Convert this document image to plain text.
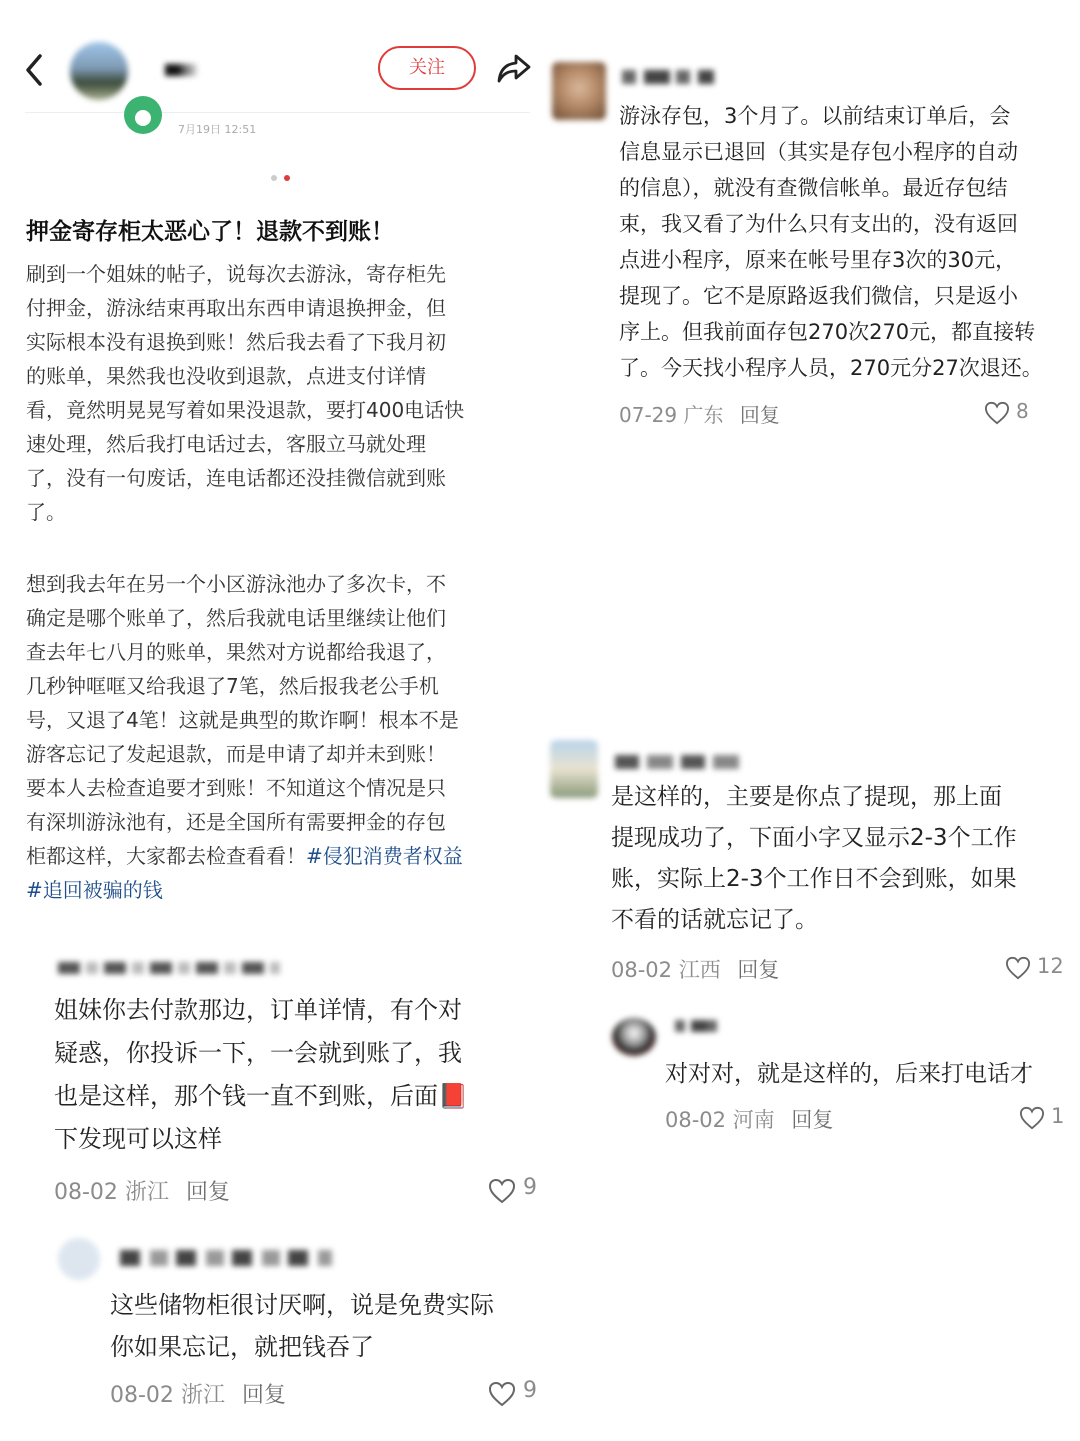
关注
7月19日 12:51
押金寄存柜太恶心了！退款不到账！
刷到一个姐妹的帖子，说每次去游泳，寄存柜先
付押金，游泳结束再取出东西申请退换押金，但
实际根本没有退换到账！然后我去看了下我月初
的账单，果然我也没收到退款，点进支付详情
看，竟然明晃晃写着如果没退款，要打400电话快
速处理，然后我打电话过去，客服立马就处理
了，没有一句废话，连电话都还没挂微信就到账
了。
想到我去年在另一个小区游泳池办了多次卡，不
确定是哪个账单了，然后我就电话里继续让他们
查去年七八月的账单，果然对方说都给我退了，
几秒钟哐哐又给我退了7笔，然后报我老公手机
号，又退了4笔！这就是典型的欺诈啊！根本不是
游客忘记了发起退款，而是申请了却并未到账！
要本人去检查追要才到账！不知道这个情况是只
有深圳游泳池有，还是全国所有需要押金的存包
柜都这样，大家都去检查看看！#侵犯消费者权益
#追回被骗的钱
姐妹你去付款那边，订单详情，有个对
疑惑，你投诉一下，一会就到账了，我
也是这样，那个钱一直不到账，后面📕
下发现可以这样
08-02 浙江 回复	9
这些储物柜很讨厌啊，说是免费实际
你如果忘记，就把钱吞了
08-02 浙江 回复	9
游泳存包，3个月了。以前结束订单后，会
信息显示已退回（其实是存包小程序的自动
的信息），就没有查微信帐单。最近存包结
束，我又看了为什么只有支出的，没有返回
点进小程序，原来在帐号里存3次的30元，
提现了。它不是原路返我们微信，只是返小
序上。但我前面存包270次270元，都直接转
了。今天找小程序人员，270元分27次退还。
07-29 广东 回复	8
是这样的，主要是你点了提现，那上面
提现成功了，下面小字又显示2-3个工作
账，实际上2-3个工作日不会到账，如果
不看的话就忘记了。
08-02 江西 回复	12
对对对，就是这样的，后来打电话才
08-02 河南 回复	1
